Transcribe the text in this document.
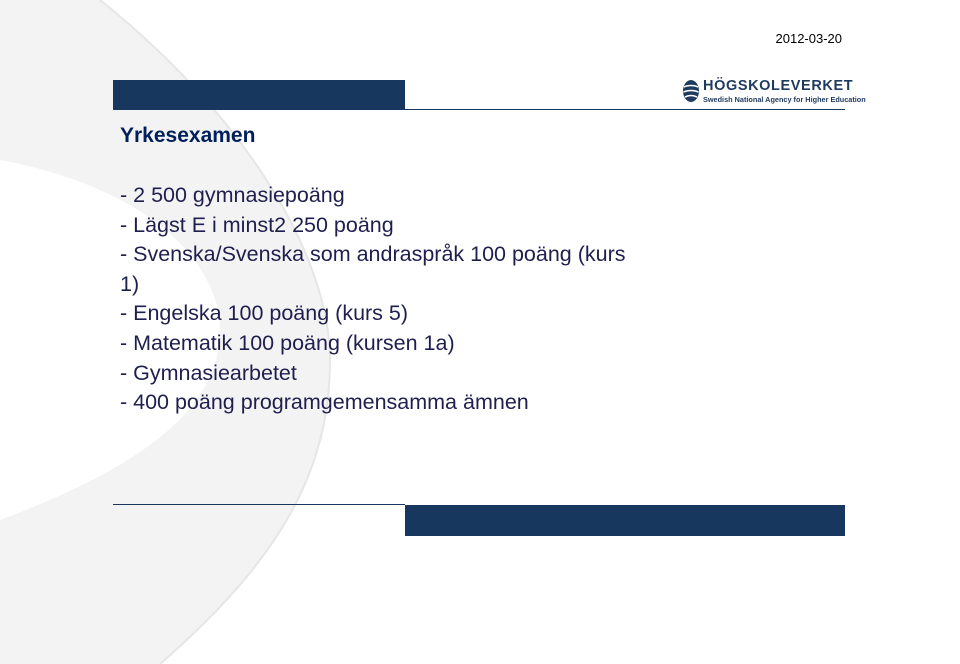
2012-03-20
HÖGSKOLEVERKET
Swedish National Agency for Higher Education
Yrkesexamen
- 2 500 gymnasiepoäng
- Lägst E i minst2 250 poäng
- Svenska/Svenska som andraspråk 100 poäng (kurs
1)
- Engelska 100 poäng (kurs 5)
- Matematik 100 poäng (kursen 1a)
- Gymnasiearbetet
- 400 poäng programgemensamma ämnen
